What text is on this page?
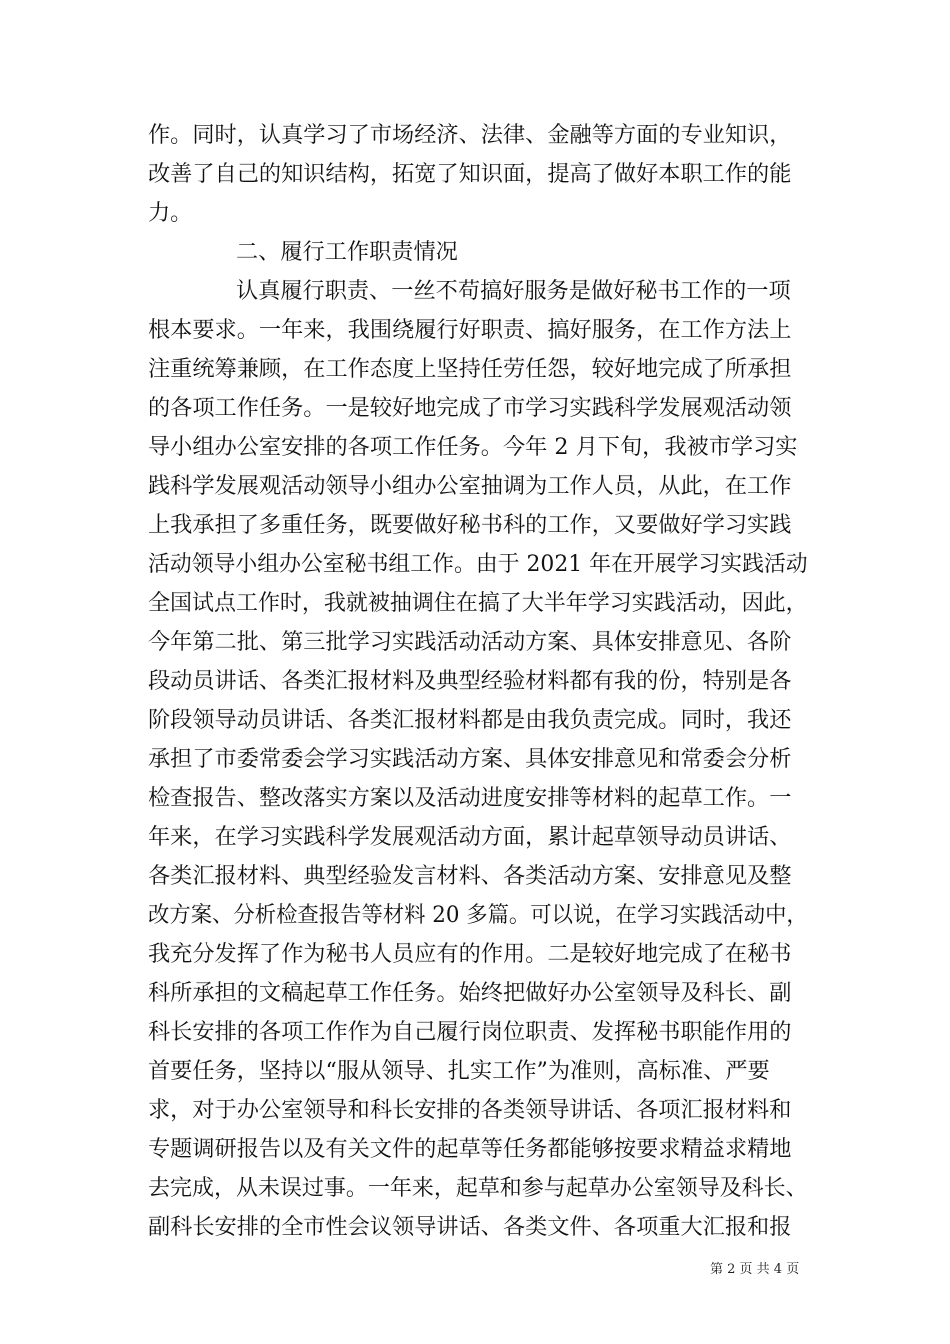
作。同时，认真学习了市场经济、法律、金融等方面的专业知识，
改善了自己的知识结构，拓宽了知识面，提高了做好本职工作的能
力。
二、履行工作职责情况
认真履行职责、一丝不苟搞好服务是做好秘书工作的一项
根本要求。一年来，我围绕履行好职责、搞好服务，在工作方法上
注重统筹兼顾，在工作态度上坚持任劳任怨，较好地完成了所承担
的各项工作任务。一是较好地完成了市学习实践科学发展观活动领
导小组办公室安排的各项工作任务。今年 2 月下旬，我被市学习实
践科学发展观活动领导小组办公室抽调为工作人员，从此，在工作
上我承担了多重任务，既要做好秘书科的工作，又要做好学习实践
活动领导小组办公室秘书组工作。由于 2021 年在开展学习实践活动
全国试点工作时，我就被抽调住在搞了大半年学习实践活动，因此，
今年第二批、第三批学习实践活动活动方案、具体安排意见、各阶
段动员讲话、各类汇报材料及典型经验材料都有我的份，特别是各
阶段领导动员讲话、各类汇报材料都是由我负责完成。同时，我还
承担了市委常委会学习实践活动方案、具体安排意见和常委会分析
检查报告、整改落实方案以及活动进度安排等材料的起草工作。一
年来，在学习实践科学发展观活动方面，累计起草领导动员讲话、
各类汇报材料、典型经验发言材料、各类活动方案、安排意见及整
改方案、分析检查报告等材料 20 多篇。可以说，在学习实践活动中，
我充分发挥了作为秘书人员应有的作用。二是较好地完成了在秘书
科所承担的文稿起草工作任务。始终把做好办公室领导及科长、副
科长安排的各项工作作为自己履行岗位职责、发挥秘书职能作用的
首要任务，坚持以“服从领导、扎实工作”为准则，高标准、严要
求，对于办公室领导和科长安排的各类领导讲话、各项汇报材料和
专题调研报告以及有关文件的起草等任务都能够按要求精益求精地
去完成，从未误过事。一年来，起草和参与起草办公室领导及科长、
副科长安排的全市性会议领导讲话、各类文件、各项重大汇报和报
第 2 页 共 4 页
